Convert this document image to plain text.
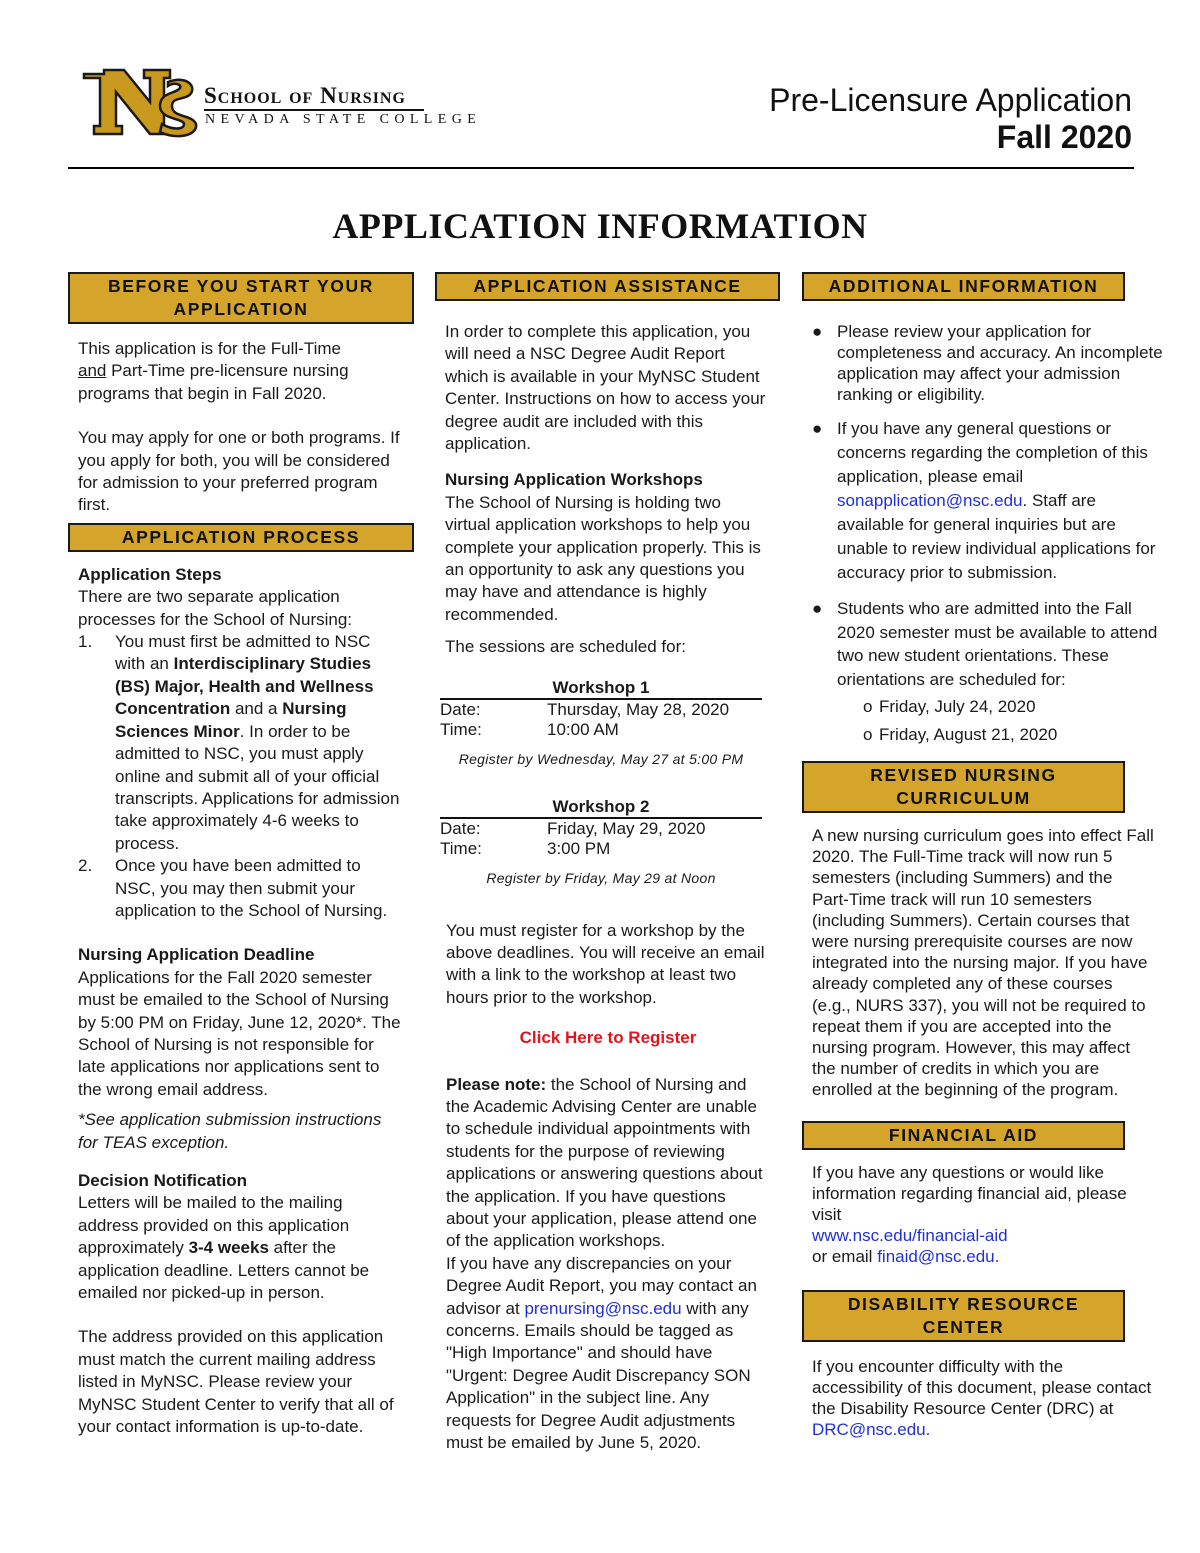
School of Nursing
NEVADA STATE COLLEGE
Pre-Licensure Application
Fall 2020
APPLICATION INFORMATION
BEFORE YOU START YOUR APPLICATION
This application is for the Full-Time
and Part-Time pre-licensure nursing programs that begin in Fall 2020.
You may apply for one or both programs. If you apply for both, you will be considered for admission to your preferred program first.
APPLICATION PROCESS
Application Steps
There are two separate application processes for the School of Nursing:
1. You must first be admitted to NSC with an Interdisciplinary Studies (BS) Major, Health and Wellness Concentration and a Nursing Sciences Minor. In order to be admitted to NSC, you must apply online and submit all of your official transcripts. Applications for admission take approximately 4-6 weeks to process.
2. Once you have been admitted to NSC, you may then submit your application to the School of Nursing.
Nursing Application Deadline
Applications for the Fall 2020 semester must be emailed to the School of Nursing by 5:00 PM on Friday, June 12, 2020*. The School of Nursing is not responsible for late applications nor applications sent to the wrong email address.
*See application submission instructions for TEAS exception.
Decision Notification
Letters will be mailed to the mailing address provided on this application approximately 3-4 weeks after the application deadline. Letters cannot be emailed nor picked-up in person.
The address provided on this application must match the current mailing address listed in MyNSC. Please review your MyNSC Student Center to verify that all of your contact information is up-to-date.
APPLICATION ASSISTANCE
In order to complete this application, you will need a NSC Degree Audit Report which is available in your MyNSC Student Center. Instructions on how to access your degree audit are included with this application.
Nursing Application Workshops
The School of Nursing is holding two virtual application workshops to help you complete your application properly. This is an opportunity to ask any questions you may have and attendance is highly recommended.
The sessions are scheduled for:
Workshop 1
Date:	Thursday, May 28, 2020
Time:	10:00 AM
Register by Wednesday, May 27 at 5:00 PM
Workshop 2
Date:	Friday, May 29, 2020
Time:	3:00 PM
Register by Friday, May 29 at Noon
You must register for a workshop by the above deadlines. You will receive an email with a link to the workshop at least two hours prior to the workshop.
Click Here to Register
Please note: the School of Nursing and the Academic Advising Center are unable to schedule individual appointments with students for the purpose of reviewing applications or answering questions about the application. If you have questions about your application, please attend one of the application workshops.
If you have any discrepancies on your Degree Audit Report, you may contact an advisor at prenursing@nsc.edu with any concerns. Emails should be tagged as "High Importance" and should have "Urgent: Degree Audit Discrepancy SON Application" in the subject line. Any requests for Degree Audit adjustments must be emailed by June 5, 2020.
ADDITIONAL INFORMATION
● Please review your application for completeness and accuracy. An incomplete application may affect your admission ranking or eligibility.
● If you have any general questions or concerns regarding the completion of this application, please email sonapplication@nsc.edu. Staff are available for general inquiries but are unable to review individual applications for accuracy prior to submission.
● Students who are admitted into the Fall 2020 semester must be available to attend two new student orientations. These orientations are scheduled for:
o Friday, July 24, 2020
o Friday, August 21, 2020
REVISED NURSING CURRICULUM
A new nursing curriculum goes into effect Fall 2020. The Full-Time track will now run 5 semesters (including Summers) and the Part-Time track will run 10 semesters (including Summers). Certain courses that were nursing prerequisite courses are now integrated into the nursing major. If you have already completed any of these courses (e.g., NURS 337), you will not be required to repeat them if you are accepted into the nursing program. However, this may affect the number of credits in which you are enrolled at the beginning of the program.
FINANCIAL AID
If you have any questions or would like information regarding financial aid, please visit
www.nsc.edu/financial-aid
or email finaid@nsc.edu.
DISABILITY RESOURCE CENTER
If you encounter difficulty with the accessibility of this document, please contact the Disability Resource Center (DRC) at DRC@nsc.edu.
